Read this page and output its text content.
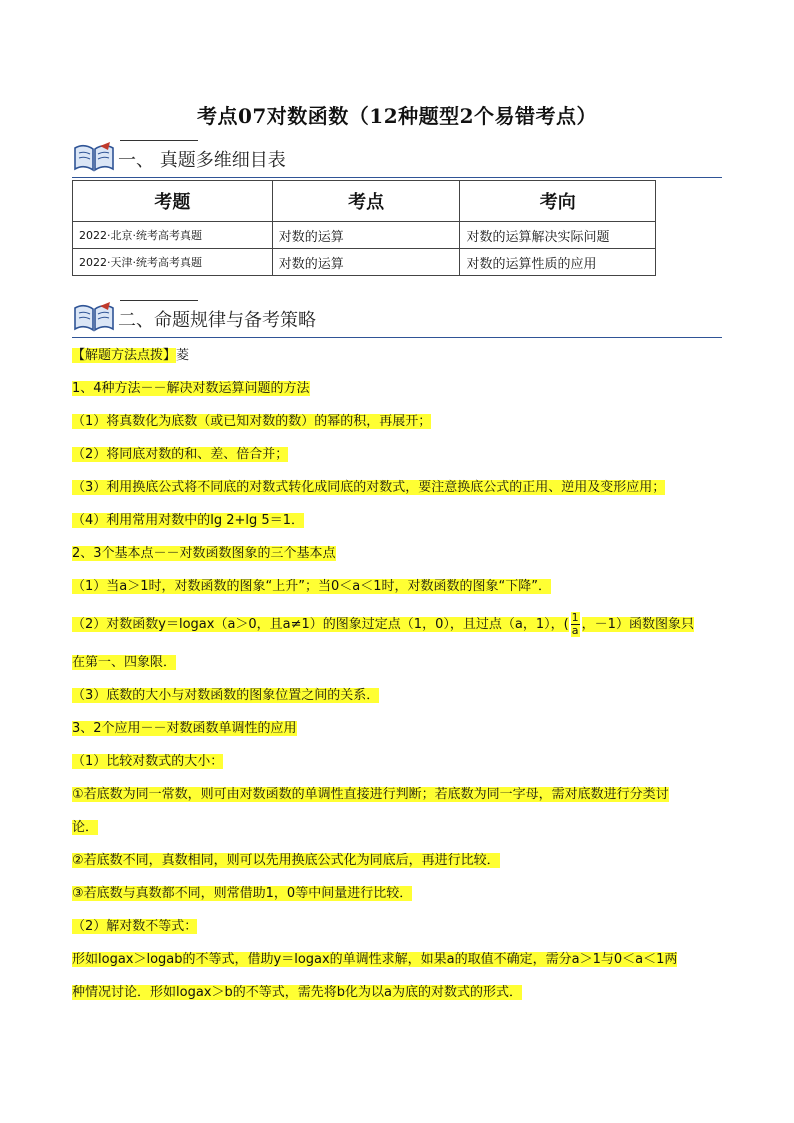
考点07对数函数（12种题型2个易错考点）
一、 真题多维细目表
考题	考点	考向
2022·北京·统考高考真题	对数的运算	对数的运算解决实际问题
2022·天津·统考高考真题	对数的运算	对数的运算性质的应用
二、命题规律与备考策略
【解题方法点拨】菱
1、4种方法－－解决对数运算问题的方法
（1）将真数化为底数（或已知对数的数）的幂的积，再展开；
（2）将同底对数的和、差、倍合并；
（3）利用换底公式将不同底的对数式转化成同底的对数式，要注意换底公式的正用、逆用及变形应用；
（4）利用常用对数中的lg 2+lg 5＝1．
2、3个基本点－－对数函数图象的三个基本点
（1）当a＞1时，对数函数的图象“上升”；当0＜a＜1时，对数函数的图象“下降”．
（2）对数函数y＝logax（a＞0，且a≠1）的图象过定点（1，0），且过点（a，1），( $\frac{1}{a}$ ，－1）函数图象只
在第一、四象限．
（3）底数的大小与对数函数的图象位置之间的关系．
3、2个应用－－对数函数单调性的应用
（1）比较对数式的大小：
①若底数为同一常数，则可由对数函数的单调性直接进行判断；若底数为同一字母，需对底数进行分类讨
论．
②若底数不同，真数相同，则可以先用换底公式化为同底后，再进行比较．
③若底数与真数都不同，则常借助1，0等中间量进行比较．
（2）解对数不等式：
形如logax＞logab的不等式，借助y＝logax的单调性求解，如果a的取值不确定，需分a＞1与0＜a＜1两
种情况讨论．形如logax＞b的不等式，需先将b化为以a为底的对数式的形式．
